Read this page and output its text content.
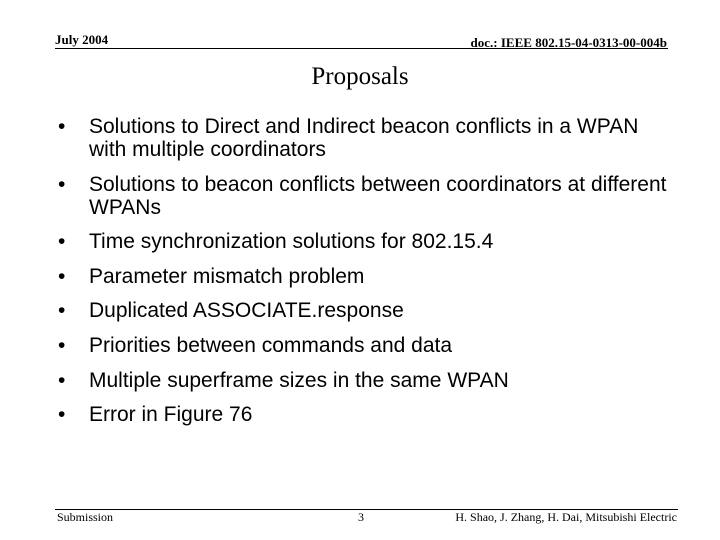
July 2004	doc.: IEEE 802.15-04-0313-00-004b
Proposals
• Solutions to Direct and Indirect beacon conflicts in a WPAN with multiple coordinators
• Solutions to beacon conflicts between coordinators at different WPANs
• Time synchronization solutions for 802.15.4
• Parameter mismatch problem
• Duplicated ASSOCIATE.response
• Priorities between commands and data
• Multiple superframe sizes in the same WPAN
• Error in Figure 76
Submission	3	H. Shao, J. Zhang, H. Dai, Mitsubishi Electric
